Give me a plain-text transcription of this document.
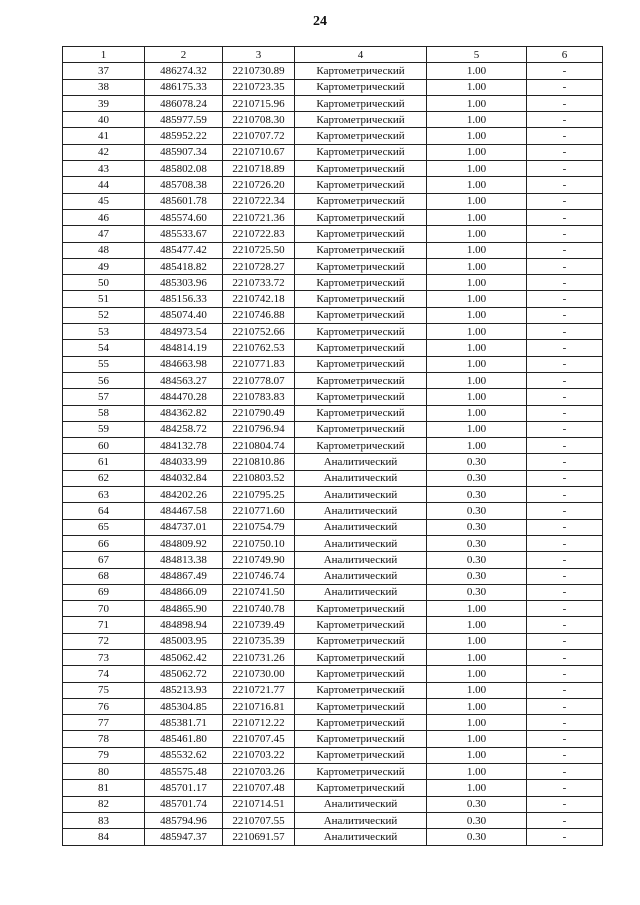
24
1	2	3	4	5	6
37	486274.32	2210730.89	Картометрический	1.00	-
38	486175.33	2210723.35	Картометрический	1.00	-
39	486078.24	2210715.96	Картометрический	1.00	-
40	485977.59	2210708.30	Картометрический	1.00	-
41	485952.22	2210707.72	Картометрический	1.00	-
42	485907.34	2210710.67	Картометрический	1.00	-
43	485802.08	2210718.89	Картометрический	1.00	-
44	485708.38	2210726.20	Картометрический	1.00	-
45	485601.78	2210722.34	Картометрический	1.00	-
46	485574.60	2210721.36	Картометрический	1.00	-
47	485533.67	2210722.83	Картометрический	1.00	-
48	485477.42	2210725.50	Картометрический	1.00	-
49	485418.82	2210728.27	Картометрический	1.00	-
50	485303.96	2210733.72	Картометрический	1.00	-
51	485156.33	2210742.18	Картометрический	1.00	-
52	485074.40	2210746.88	Картометрический	1.00	-
53	484973.54	2210752.66	Картометрический	1.00	-
54	484814.19	2210762.53	Картометрический	1.00	-
55	484663.98	2210771.83	Картометрический	1.00	-
56	484563.27	2210778.07	Картометрический	1.00	-
57	484470.28	2210783.83	Картометрический	1.00	-
58	484362.82	2210790.49	Картометрический	1.00	-
59	484258.72	2210796.94	Картометрический	1.00	-
60	484132.78	2210804.74	Картометрический	1.00	-
61	484033.99	2210810.86	Аналитический	0.30	-
62	484032.84	2210803.52	Аналитический	0.30	-
63	484202.26	2210795.25	Аналитический	0.30	-
64	484467.58	2210771.60	Аналитический	0.30	-
65	484737.01	2210754.79	Аналитический	0.30	-
66	484809.92	2210750.10	Аналитический	0.30	-
67	484813.38	2210749.90	Аналитический	0.30	-
68	484867.49	2210746.74	Аналитический	0.30	-
69	484866.09	2210741.50	Аналитический	0.30	-
70	484865.90	2210740.78	Картометрический	1.00	-
71	484898.94	2210739.49	Картометрический	1.00	-
72	485003.95	2210735.39	Картометрический	1.00	-
73	485062.42	2210731.26	Картометрический	1.00	-
74	485062.72	2210730.00	Картометрический	1.00	-
75	485213.93	2210721.77	Картометрический	1.00	-
76	485304.85	2210716.81	Картометрический	1.00	-
77	485381.71	2210712.22	Картометрический	1.00	-
78	485461.80	2210707.45	Картометрический	1.00	-
79	485532.62	2210703.22	Картометрический	1.00	-
80	485575.48	2210703.26	Картометрический	1.00	-
81	485701.17	2210707.48	Картометрический	1.00	-
82	485701.74	2210714.51	Аналитический	0.30	-
83	485794.96	2210707.55	Аналитический	0.30	-
84	485947.37	2210691.57	Аналитический	0.30	-
